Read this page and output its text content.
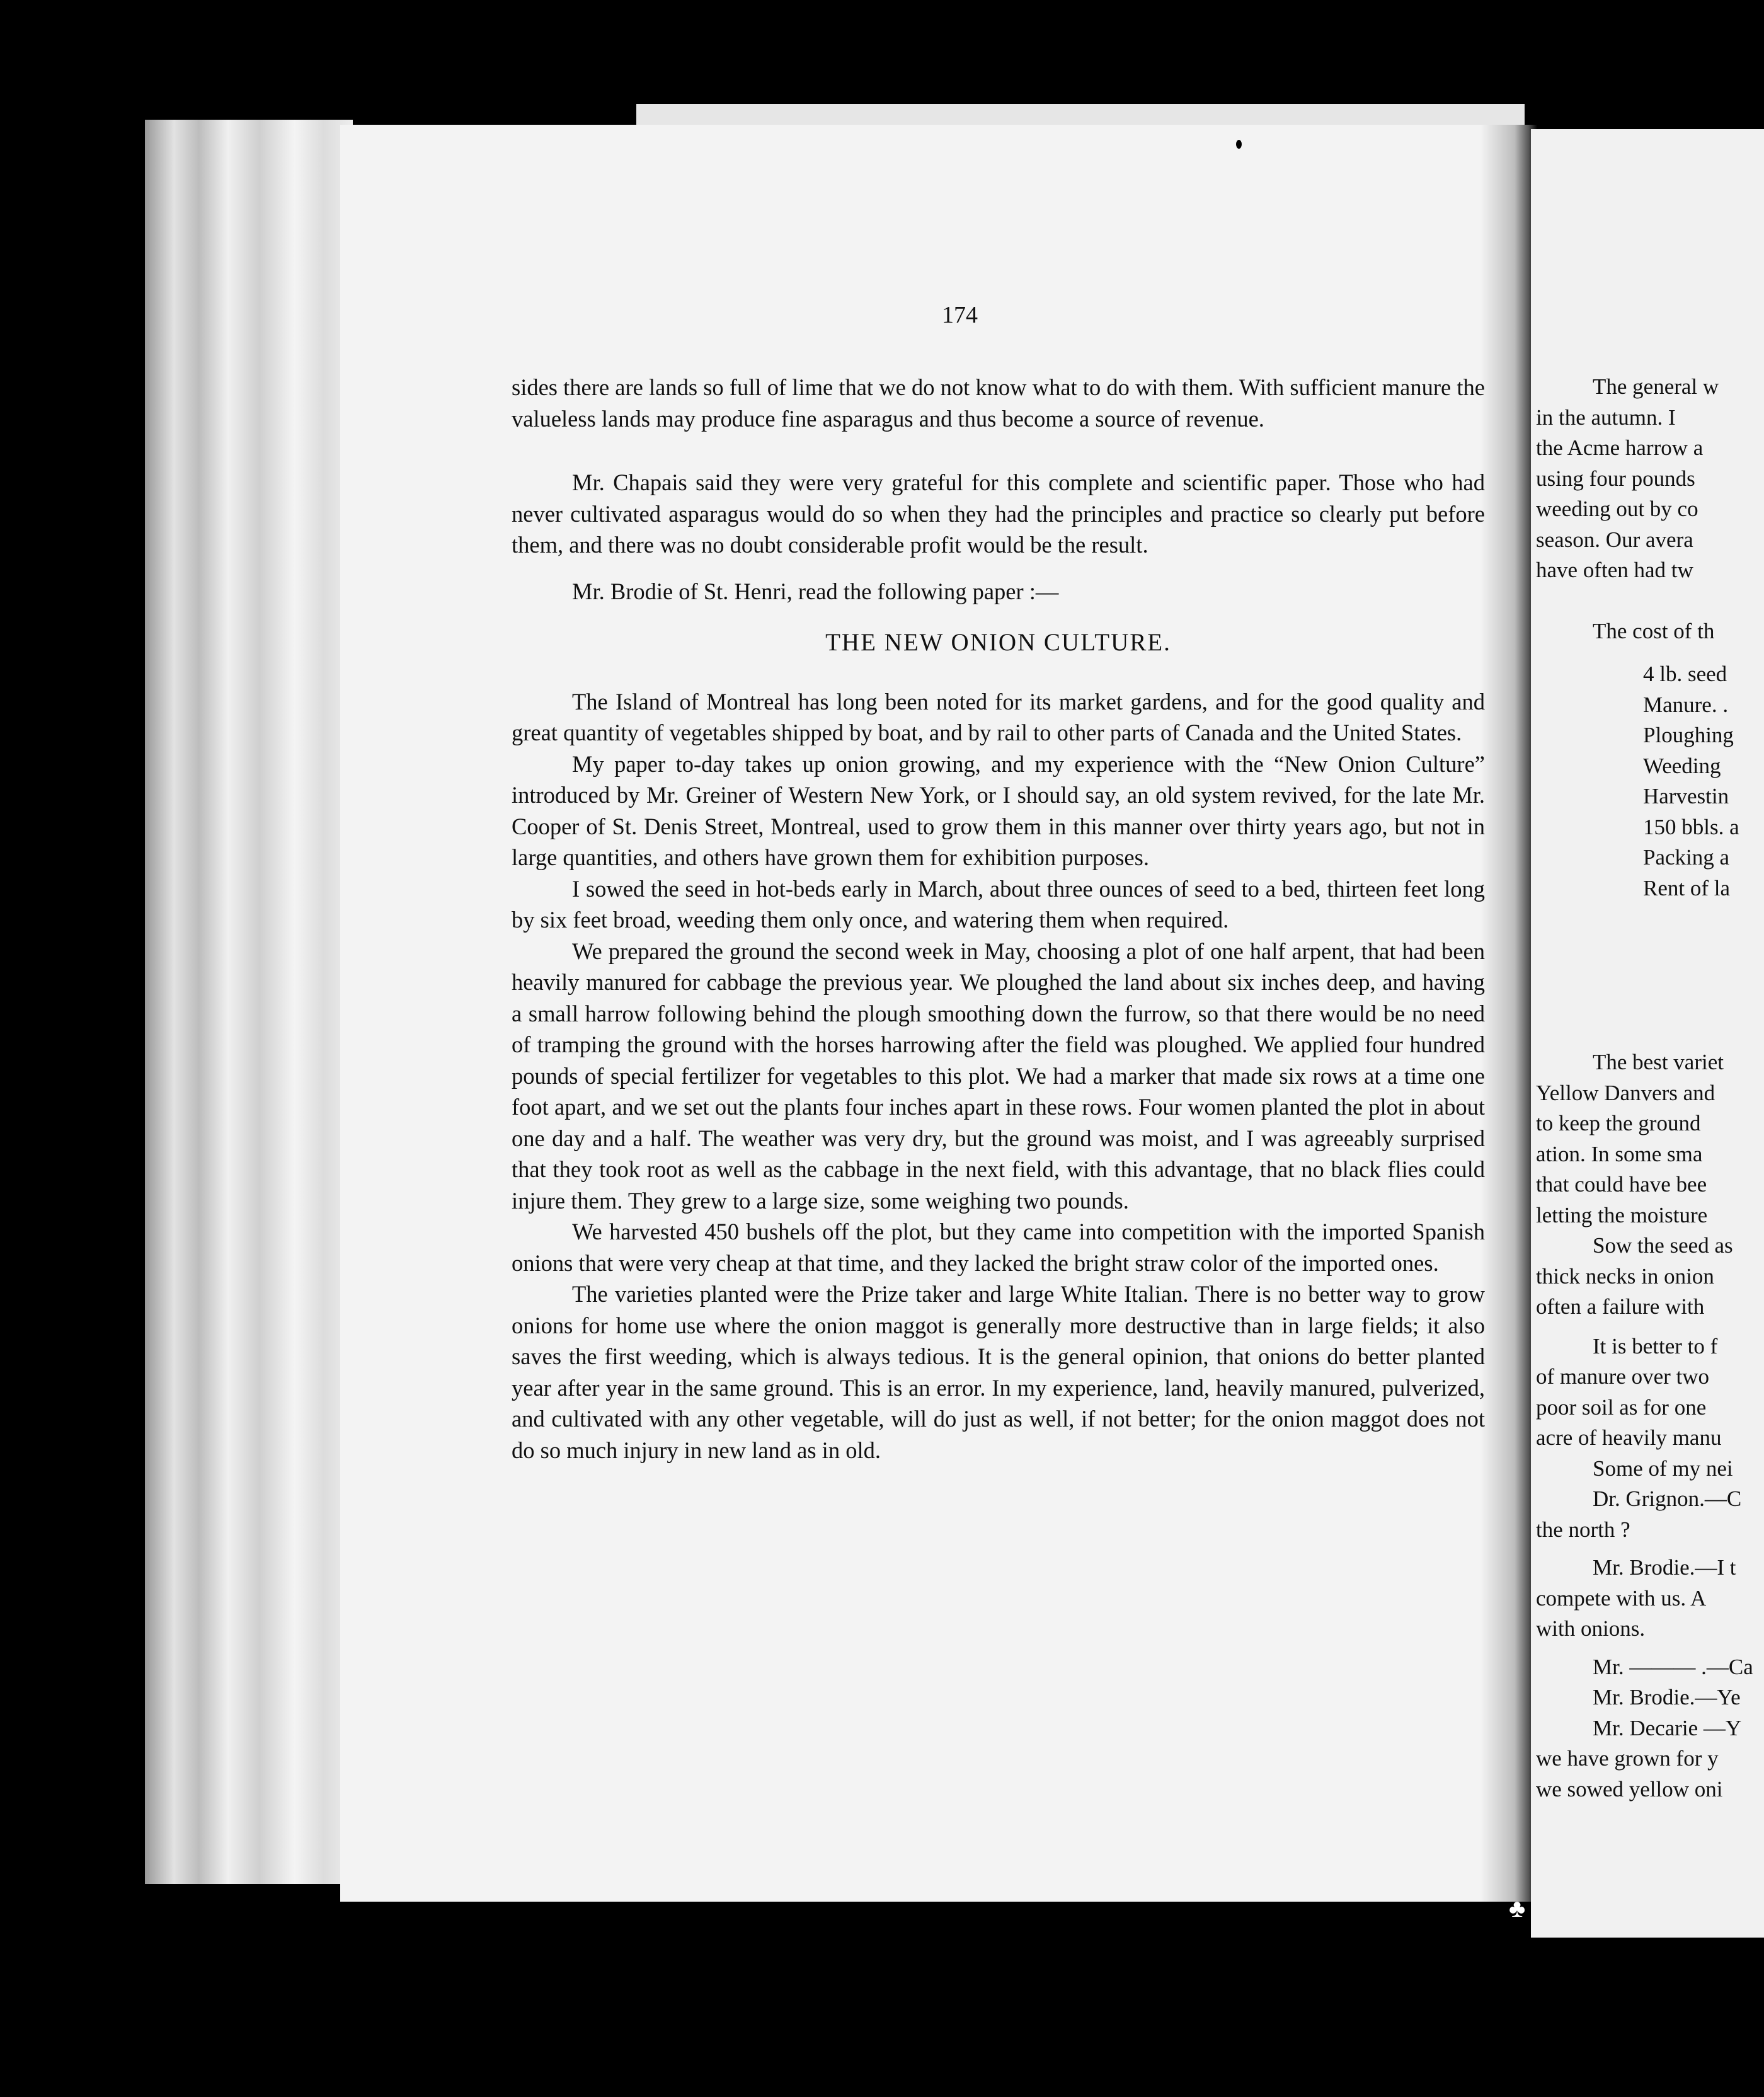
174

sides there are lands so full of lime that we do not know what to do with them. With sufficient manure the valueless lands may produce fine asparagus and thus become a source of revenue.

Mr. Chapais said they were very grateful for this complete and scientific paper. Those who had never cultivated asparagus would do so when they had the principles and practice so clearly put before them, and there was no doubt considerable profit would be the result.

Mr. Brodie of St. Henri, read the following paper :—

THE NEW ONION CULTURE.

The Island of Montreal has long been noted for its market gardens, and for the good quality and great quantity of vegetables shipped by boat, and by rail to other parts of Canada and the United States.

My paper to-day takes up onion growing, and my experience with the “New Onion Culture” introduced by Mr. Greiner of Western New York, or I should say, an old system revived, for the late Mr. Cooper of St. Denis Street, Montreal, used to grow them in this manner over thirty years ago, but not in large quantities, and others have grown them for exhibition purposes.

I sowed the seed in hot-beds early in March, about three ounces of seed to a bed, thirteen feet long by six feet broad, weeding them only once, and watering them when required.

We prepared the ground the second week in May, choosing a plot of one half arpent, that had been heavily manured for cabbage the previous year. We ploughed the land about six inches deep, and having a small harrow following behind the plough smoothing down the furrow, so that there would be no need of tramping the ground with the horses harrowing after the field was ploughed. We applied four hundred pounds of special fertilizer for vegetables to this plot. We had a marker that made six rows at a time one foot apart, and we set out the plants four inches apart in these rows. Four women planted the plot in about one day and a half. The weather was very dry, but the ground was moist, and I was agreeably surprised that they took root as well as the cabbage in the next field, with this advantage, that no black flies could injure them. They grew to a large size, some weighing two pounds.

We harvested 450 bushels off the plot, but they came into competition with the imported Spanish onions that were very cheap at that time, and they lacked the bright straw color of the imported ones.

The varieties planted were the Prize taker and large White Italian. There is no better way to grow onions for home use where the onion maggot is generally more destructive than in large fields; it also saves the first weeding, which is always tedious. It is the general opinion, that onions do better planted year after year in the same ground. This is an error. In my experience, land, heavily manured, pulverized, and cultivated with any other vegetable, will do just as well, if not better; for the onion maggot does not do so much injury in new land as in old.

The general w
in the autumn. I
the Acme harrow a
using four pounds
weeding out by co
season. Our avera
have often had tw
The cost of th
4 lb. seed
Manure. .
Ploughing
Weeding
Harvestin
150 bbls. a
Packing a
Rent of la
The best variet
Yellow Danvers and
to keep the ground
ation. In some sma
that could have bee
letting the moisture
Sow the seed as
thick necks in onion
often a failure with
It is better to f
of manure over two
poor soil as for one
acre of heavily manu
Some of my nei
Dr. Grignon.—C
the north ?
Mr. Brodie.—I t
compete with us. A
with onions.
Mr. ——— .—Ca
Mr. Brodie.—Ye
Mr. Decarie —Y
we have grown for y
we sowed yellow oni
♣
